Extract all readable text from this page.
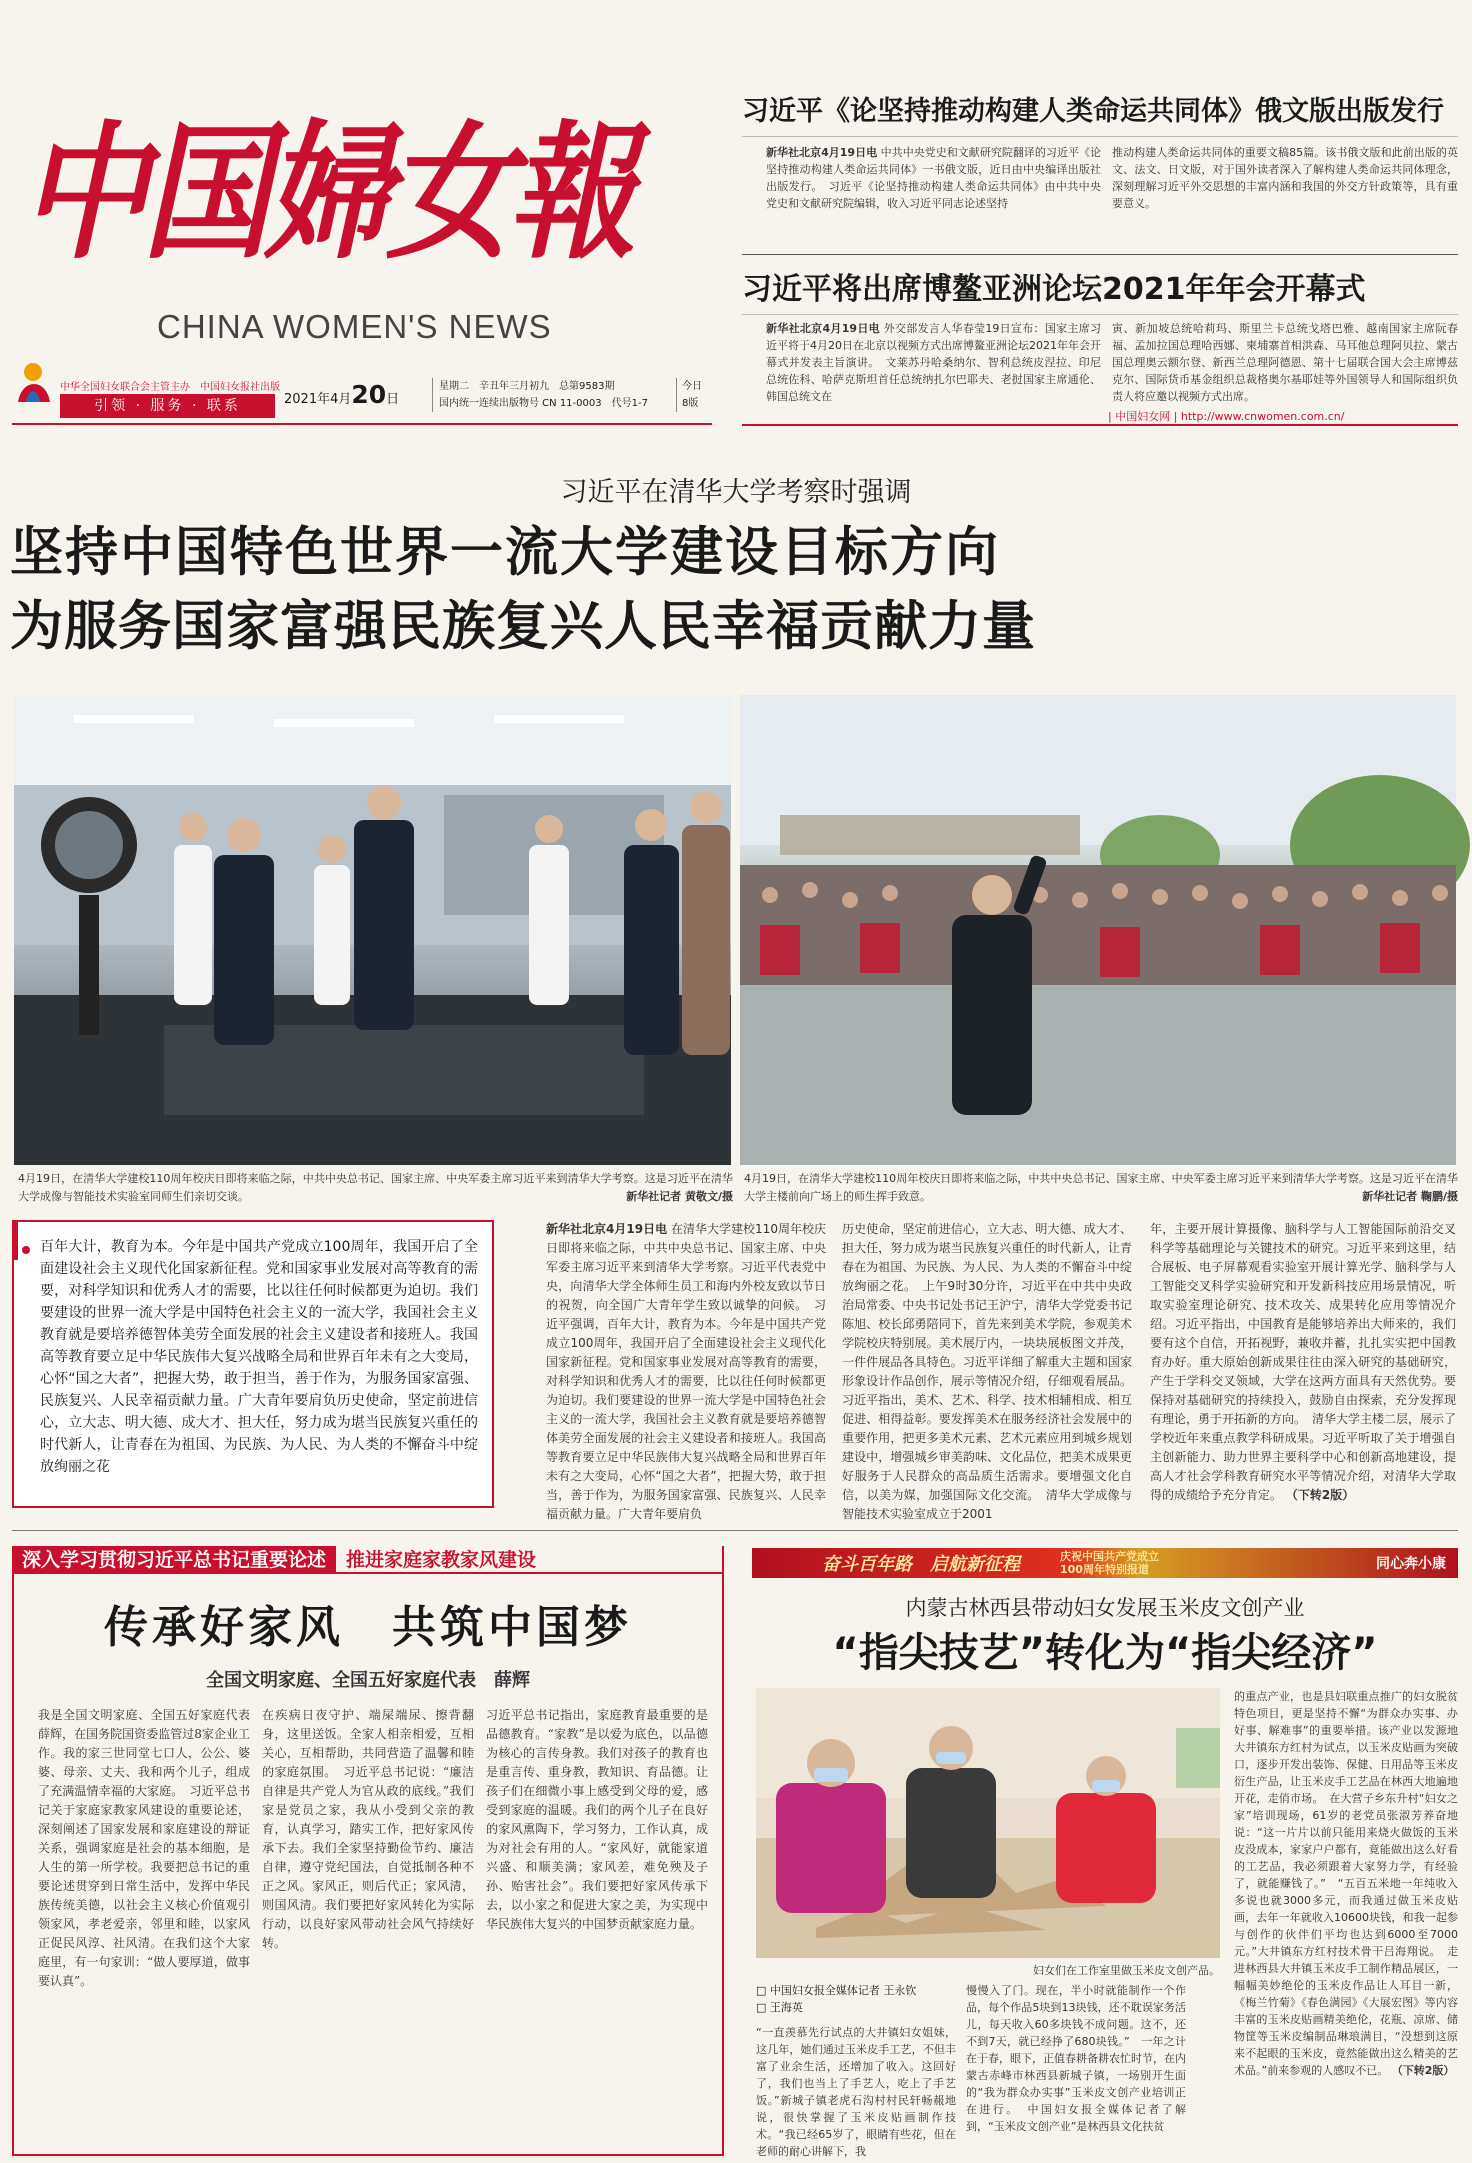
中国婦女報
CHINA WOMEN'S NEWS
中华全国妇女联合会主管主办　中国妇女报社出版
引领 · 服务 · 联系	2021年4月20日
星期二　辛丑年三月初九　总第9583期
国内统一连续出版物号 CN 11-0003　代号1-7
今日
8版
习近平《论坚持推动构建人类命运共同体》俄文版出版发行
新华社北京4月19日电 中共中央党史和文献研究院翻译的习近平《论坚持推动构建人类命运共同体》一书俄文版，近日由中央编译出版社出版发行。　习近平《论坚持推动构建人类命运共同体》由中共中央党史和文献研究院编辑，收入习近平同志论述坚持
推动构建人类命运共同体的重要文稿85篇。该书俄文版和此前出版的英文、法文、日文版，对于国外读者深入了解构建人类命运共同体理念，深刻理解习近平外交思想的丰富内涵和我国的外交方针政策等，具有重要意义。
习近平将出席博鳌亚洲论坛2021年年会开幕式
新华社北京4月19日电 外交部发言人华春莹19日宣布：国家主席习近平将于4月20日在北京以视频方式出席博鳌亚洲论坛2021年年会开幕式并发表主旨演讲。　文莱苏丹哈桑纳尔、智利总统皮涅拉、印尼总统佐科、哈萨克斯坦首任总统纳扎尔巴耶夫、老挝国家主席通伦、韩国总统文在
寅、新加坡总统哈莉玛、斯里兰卡总统戈塔巴雅、越南国家主席阮春福、孟加拉国总理哈西娜、柬埔寨首相洪森、马耳他总理阿贝拉、蒙古国总理奥云额尔登、新西兰总理阿德恩、第十七届联合国大会主席博兹克尔、国际货币基金组织总裁格奥尔基耶娃等外国领导人和国际组织负责人将应邀以视频方式出席。
| 中国妇女网 | http://www.cnwomen.com.cn/
习近平在清华大学考察时强调
坚持中国特色世界一流大学建设目标方向
为服务国家富强民族复兴人民幸福贡献力量
4月19日，在清华大学建校110周年校庆日即将来临之际，中共中央总书记、国家主席、中央军委主席习近平来到清华大学考察。这是习近平在清华大学成像与智能技术实验室同师生们亲切交谈。	新华社记者 黄敬文/摄
4月19日，在清华大学建校110周年校庆日即将来临之际，中共中央总书记、国家主席、中央军委主席习近平来到清华大学考察。这是习近平在清华大学主楼前向广场上的师生挥手致意。	新华社记者 鞠鹏/摄
百年大计，教育为本。今年是中国共产党成立100周年，我国开启了全面建设社会主义现代化国家新征程。党和国家事业发展对高等教育的需要，对科学知识和优秀人才的需要，比以往任何时候都更为迫切。我们要建设的世界一流大学是中国特色社会主义的一流大学，我国社会主义教育就是要培养德智体美劳全面发展的社会主义建设者和接班人。我国高等教育要立足中华民族伟大复兴战略全局和世界百年未有之大变局，心怀“国之大者”，把握大势，敢于担当，善于作为，为服务国家富强、民族复兴、人民幸福贡献力量。广大青年要肩负历史使命，坚定前进信心，立大志、明大德、成大才、担大任，努力成为堪当民族复兴重任的时代新人，让青春在为祖国、为民族、为人民、为人类的不懈奋斗中绽放绚丽之花
新华社北京4月19日电 在清华大学建校110周年校庆日即将来临之际，中共中央总书记、国家主席、中央军委主席习近平来到清华大学考察。习近平代表党中央，向清华大学全体师生员工和海内外校友致以节日的祝贺，向全国广大青年学生致以诚挚的问候。　习近平强调，百年大计，教育为本。今年是中国共产党成立100周年，我国开启了全面建设社会主义现代化国家新征程。党和国家事业发展对高等教育的需要，对科学知识和优秀人才的需要，比以往任何时候都更为迫切。我们要建设的世界一流大学是中国特色社会主义的一流大学，我国社会主义教育就是要培养德智体美劳全面发展的社会主义建设者和接班人。我国高等教育要立足中华民族伟大复兴战略全局和世界百年未有之大变局，心怀“国之大者”，把握大势，敢于担当，善于作为，为服务国家富强、民族复兴、人民幸福贡献力量。广大青年要肩负
历史使命，坚定前进信心，立大志、明大德、成大才、担大任，努力成为堪当民族复兴重任的时代新人，让青春在为祖国、为民族、为人民、为人类的不懈奋斗中绽放绚丽之花。　上午9时30分许，习近平在中共中央政治局常委、中央书记处书记王沪宁，清华大学党委书记陈旭、校长邱勇陪同下，首先来到美术学院，参观美术学院校庆特别展。美术展厅内，一块块展板图文并茂，一件件展品各具特色。习近平详细了解重大主题和国家形象设计作品创作，展示等情况介绍，仔细观看展品。习近平指出，美术、艺术、科学、技术相辅相成、相互促进、相得益彰。要发挥美术在服务经济社会发展中的重要作用，把更多美术元素、艺术元素应用到城乡规划建设中，增强城乡审美韵味、文化品位，把美术成果更好服务于人民群众的高品质生活需求。要增强文化自信，以美为媒，加强国际文化交流。　清华大学成像与智能技术实验室成立于2001
年，主要开展计算摄像、脑科学与人工智能国际前沿交叉科学等基础理论与关键技术的研究。习近平来到这里，结合展板、电子屏幕观看实验室开展计算光学、脑科学与人工智能交叉科学实验研究和开发新科技应用场景情况，听取实验室理论研究、技术攻关、成果转化应用等情况介绍。习近平指出，中国教育是能够培养出大师来的，我们要有这个自信，开拓视野，兼收并蓄，扎扎实实把中国教育办好。重大原始创新成果往往由深入研究的基础研究，产生于学科交叉领域，大学在这两方面具有天然优势。要保持对基础研究的持续投入，鼓励自由探索，充分发挥现有理论，勇于开拓新的方向。　清华大学主楼二层，展示了学校近年来重点教学科研成果。习近平听取了关于增强自主创新能力、助力世界主要科学中心和创新高地建设，提高人才社会学科教育研究水平等情况介绍，对清华大学取得的成绩给予充分肯定。 （下转2版）
深入学习贯彻习近平总书记重要论述	推进家庭家教家风建设
传承好家风　共筑中国梦
全国文明家庭、全国五好家庭代表　薛辉
我是全国文明家庭、全国五好家庭代表薛辉，在国务院国资委监管过8家企业工作。我的家三世同堂七口人，公公、婆婆、母亲、丈夫、我和两个儿子，组成了充满温情幸福的大家庭。　习近平总书记关于家庭家教家风建设的重要论述，深刻阐述了国家发展和家庭建设的辩证关系，强调家庭是社会的基本细胞，是人生的第一所学校。我要把总书记的重要论述贯穿到日常生活中，发挥中华民族传统美德，以社会主义核心价值观引领家风，孝老爱亲，邻里和睦，以家风正促民风淳、社风清。在我们这个大家庭里，有一句家训：“做人要厚道，做事要认真”。
在疾病日夜守护、端屎端尿、擦背翻身，这里送饭。全家人相亲相爱，互相关心，互相帮助，共同营造了温馨和睦的家庭氛围。　习近平总书记说：“廉洁自律是共产党人为官从政的底线。”我们家是党员之家，我从小受到父亲的教育，认真学习，踏实工作，把好家风传承下去。我们全家坚持勤俭节约、廉洁自律，遵守党纪国法，自觉抵制各种不正之风。家风正，则后代正；家风清，则国风清。我们要把好家风转化为实际行动，以良好家风带动社会风气持续好转。
习近平总书记指出，家庭教育最重要的是品德教育。“家教”是以爱为底色，以品德为核心的言传身教。我们对孩子的教育也是重言传、重身教，教知识、育品德。让孩子们在细微小事上感受到父母的爱，感受到家庭的温暖。我们的两个儿子在良好的家风熏陶下，学习努力，工作认真，成为对社会有用的人。“家风好，就能家道兴盛、和顺美满；家风差，难免殃及子孙、贻害社会”。我们要把好家风传承下去，以小家之和促进大家之美，为实现中华民族伟大复兴的中国梦贡献家庭力量。
奋斗百年路　启航新征程	庆祝中国共产党成立100周年特别报道	同心奔小康
内蒙古林西县带动妇女发展玉米皮文创产业
“指尖技艺”转化为“指尖经济”
妇女们在工作室里做玉米皮文创产品。
□ 中国妇女报全媒体记者 王永钦
□ 王海英
“一直羡慕先行试点的大井镇妇女姐妹，这几年，她们通过玉米皮手工艺，不但丰富了业余生活，还增加了收入。这回好了，我们也当上了手艺人，吃上了手艺饭。”新城子镇老虎石沟村村民轩畅赧地说，很快掌握了玉米皮贴画制作技术。“我已经65岁了，眼睛有些花，但在老师的耐心讲解下，我
慢慢入了门。现在，半小时就能制作一个作品，每个作品5块到13块钱，还不耽误家务活儿，每天收入60多块钱不成问题。这不，还不到7天，就已经挣了680块钱。”　一年之计在于春，眼下，正值春耕备耕农忙时节，在内蒙古赤峰市林西县新城子镇，一场别开生面的“我为群众办实事”玉米皮文创产业培训正在进行。　中国妇女报全媒体记者了解到，“玉米皮文创产业”是林西县文化扶贫
的重点产业，也是县妇联重点推广的妇女脱贫特色项目，更是坚持不懈“为群众办实事、办好事、解难事”的重要举措。该产业以发源地大井镇东方红村为试点，以玉米皮贴画为突破口，逐步开发出装饰、保健、日用品等玉米皮衍生产品，让玉米皮手工艺品在林西大地遍地开花，走俏市场。　在大营子乡东升村“妇女之家”培训现场，61岁的老党员张淑芳养奋地说：“这一片片以前只能用来烧火做饭的玉米皮没成本，家家户户都有，竟能做出这么好看的工艺品，我必须跟着大家努力学，有经验了，就能赚钱了。”　“五百五米地一年纯收入多说也就3000多元，而我通过做玉米皮贴画，去年一年就收入10600块钱，和我一起参与创作的伙伴们平均也达到6000至7000元。”大井镇东方红村技术骨干吕海翔说。　走进林西县大井镇玉米皮手工制作精品展区，一幅幅美妙绝伦的玉米皮作品让人耳目一新，《梅兰竹菊》《春色满园》《大展宏图》等内容丰富的玉米皮贴画精美绝伦，花瓶、凉席、储物筐等玉米皮编制品琳琅满目，“没想到这原来不起眼的玉米皮，竟然能做出这么精美的艺术品。”前来参观的人感叹不已。 （下转2版）
